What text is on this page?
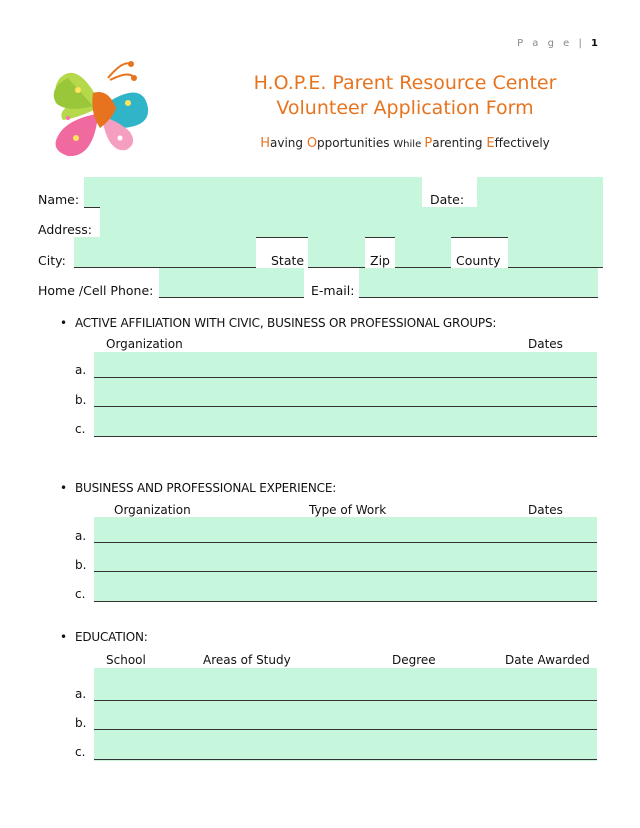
P a g e | 1
H.O.P.E. Parent Resource Center
Volunteer Application Form
Having Opportunities While Parenting Effectively
Name:	Date:
Address:
City:	State	Zip	County
Home /Cell Phone:	E-mail:
• ACTIVE AFFILIATION WITH CIVIC, BUSINESS OR PROFESSIONAL GROUPS:
Organization	Dates
a.
b.
c.
• BUSINESS AND PROFESSIONAL EXPERIENCE:
Organization	Type of Work	Dates
a.
b.
c.
• EDUCATION:
School	Areas of Study	Degree	Date Awarded
a.
b.
c.
